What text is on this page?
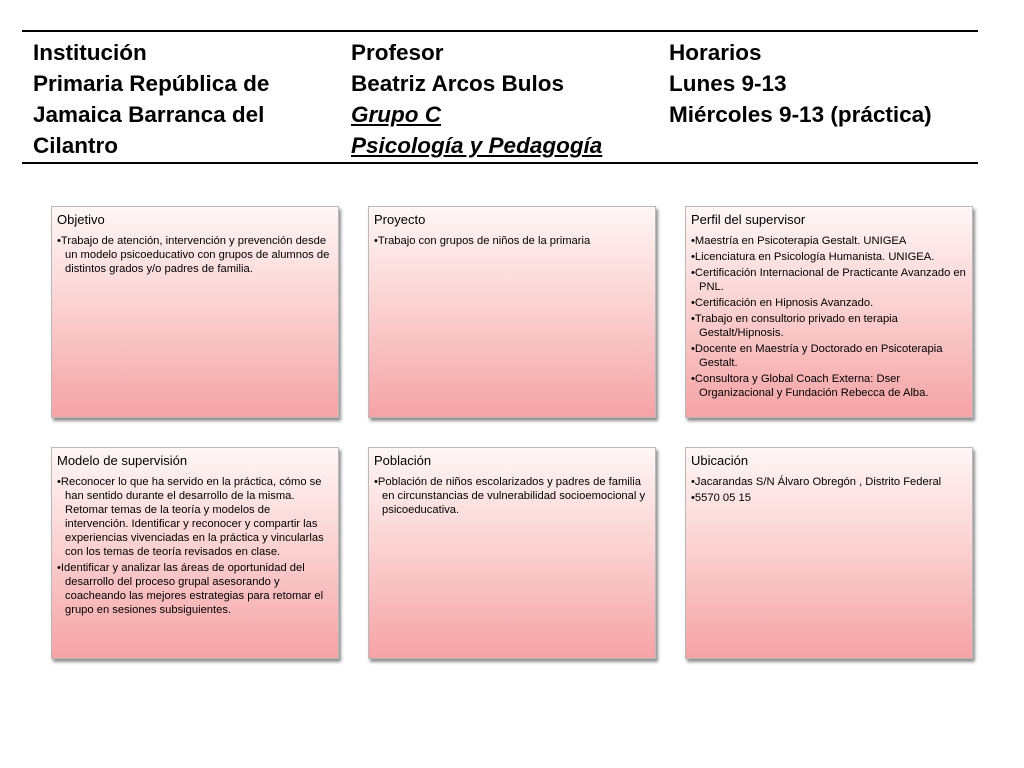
Institución
Primaria República de
Jamaica Barranca del
Cilantro
Profesor
Beatriz Arcos Bulos
Grupo C
Psicología y Pedagogía
Horarios
Lunes 9-13
Miércoles 9-13 (práctica)
Objetivo
• Trabajo de atención, intervención y prevención desde un modelo psicoeducativo con grupos de alumnos de distintos grados y/o padres de familia.
Proyecto
• Trabajo con grupos de niños de la primaria
Perfil del supervisor
• Maestría en Psicoterapia Gestalt. UNIGEA
• Licenciatura en Psicología Humanista. UNIGEA.
• Certificación Internacional de Practicante Avanzado en PNL.
• Certificación en Hipnosis Avanzado.
• Trabajo en consultorio privado en terapia Gestalt/Hipnosis.
• Docente en Maestría y Doctorado en Psicoterapia Gestalt.
• Consultora y Global Coach Externa: Dser Organizacional y Fundación Rebecca de Alba.
Modelo de supervisión
• Reconocer lo que ha servido en la práctica, cómo se han sentido durante el desarrollo de la misma. Retomar temas de la teoría y modelos de intervención. Identificar y reconocer y compartir las experiencias vivenciadas en la práctica y vincularlas con los temas de teoría revisados en clase.
• Identificar y analizar las áreas de oportunidad del desarrollo del proceso grupal asesorando y coacheando las mejores estrategias para retomar el grupo en sesiones subsiguientes.
Población
• Población de niños escolarizados y padres de familia en circunstancias de vulnerabilidad socioemocional y psicoeducativa.
Ubicación
• Jacarandas S/N Álvaro Obregón , Distrito Federal
• 5570 05 15
